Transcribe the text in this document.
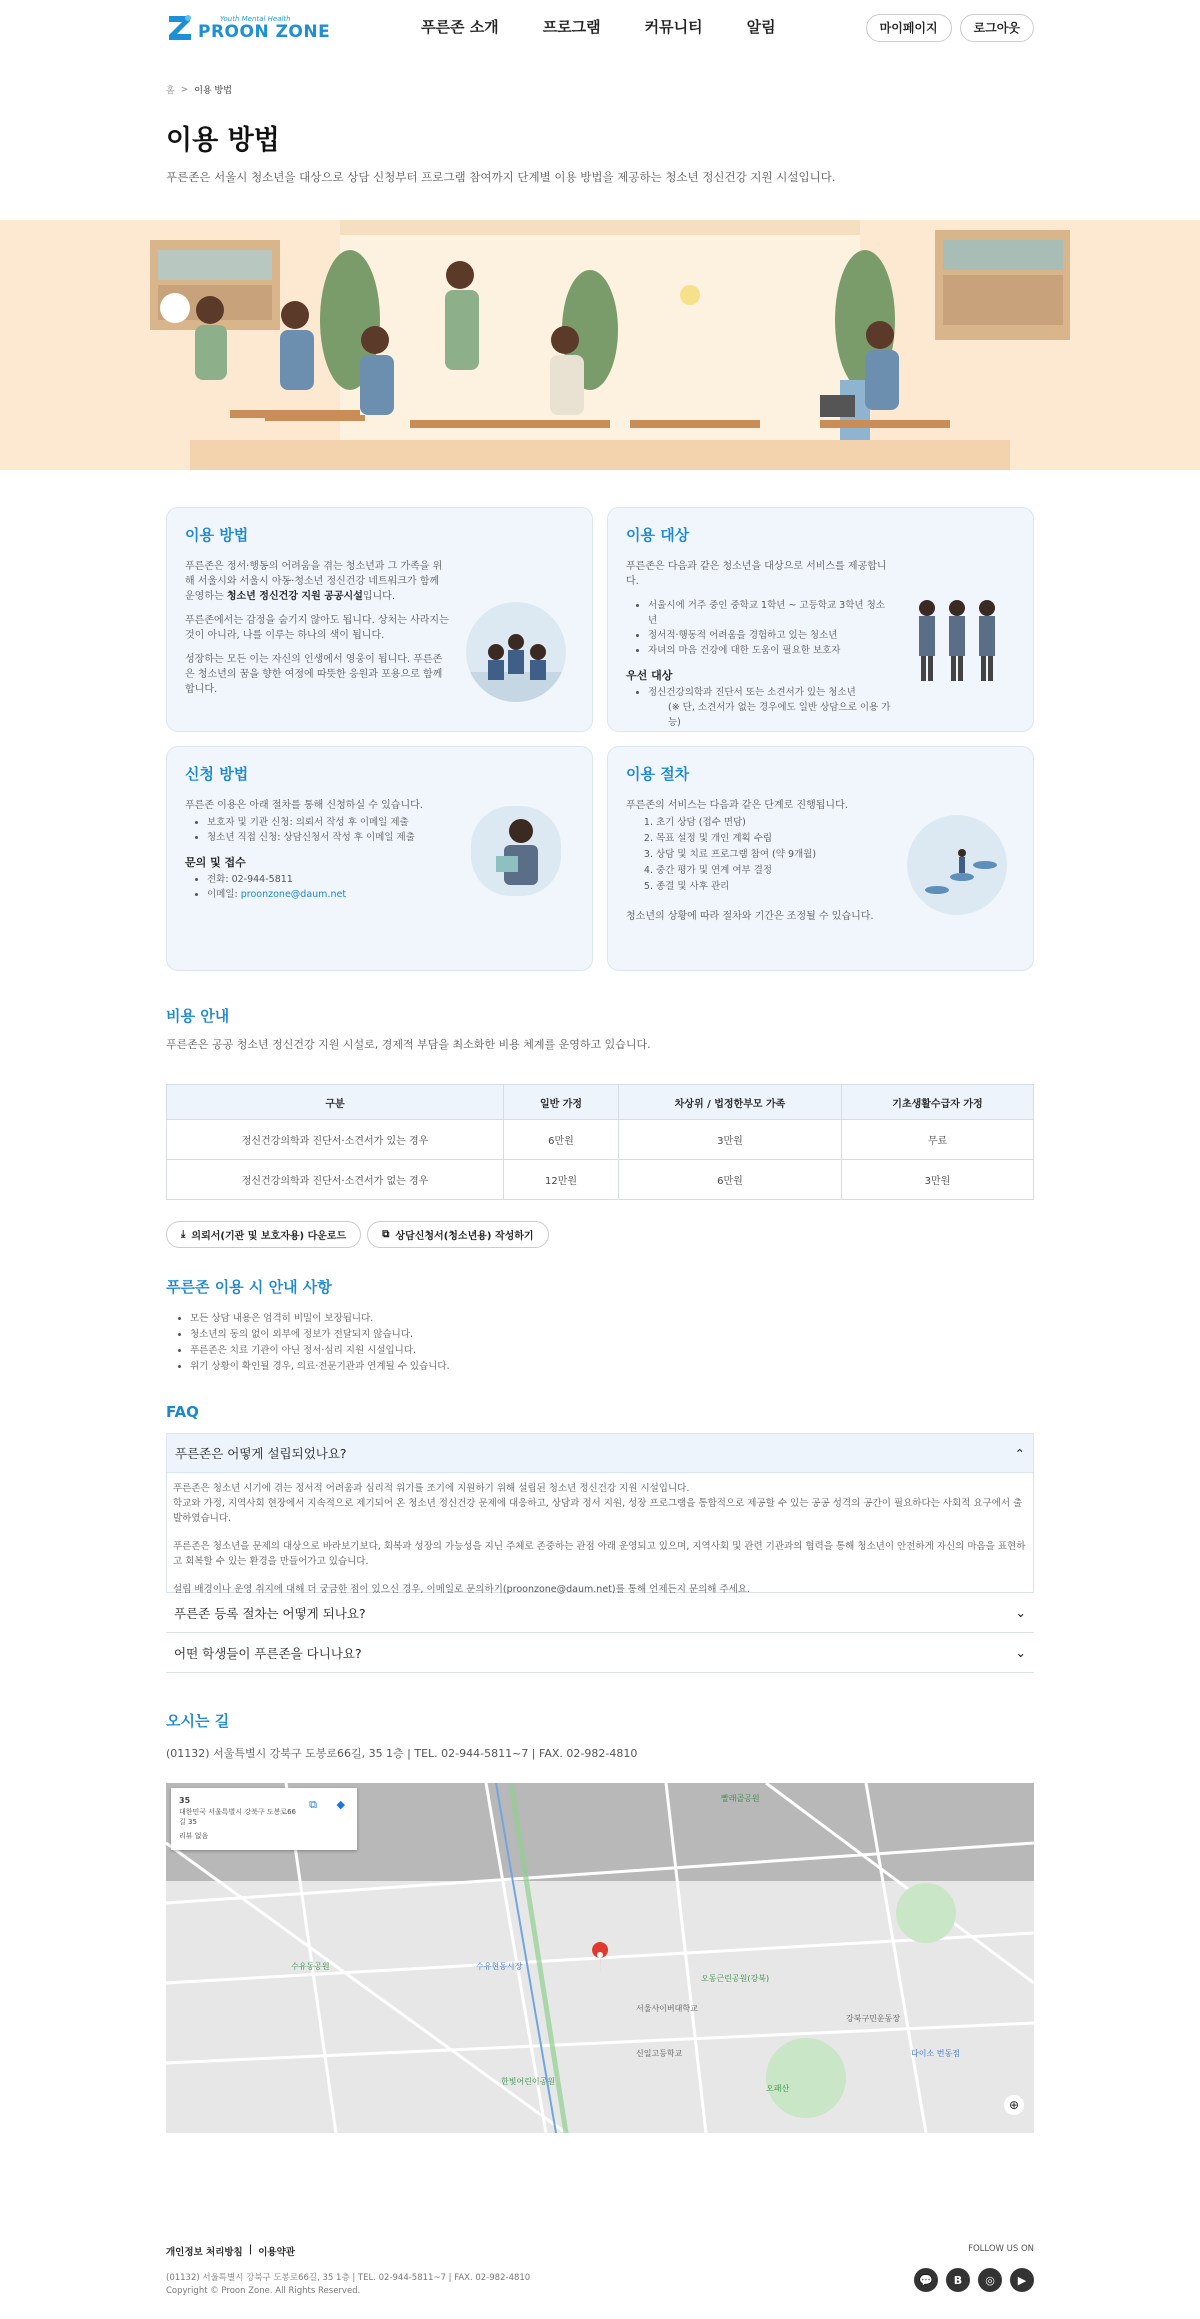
Youth Mental Health
PROON ZONE	푸른존 소개	프로그램	커뮤니티	알림	마이페이지	로그아웃
홈 > 이용 방법
이용 방법

푸른존은 서울시 청소년을 대상으로 상담 신청부터 프로그램 참여까지 단계별 이용 방법을 제공하는 청소년 정신건강 지원 시설입니다.

이용 방법

푸른존은 정서·행동의 어려움을 겪는 청소년과 그 가족을 위해 서울시와 서울시 아동·청소년 정신건강 네트워크가 함께 운영하는 청소년 정신건강 지원 공공시설입니다.

푸른존에서는 감정을 숨기지 않아도 됩니다. 상처는 사라지는 것이 아니라, 나를 이루는 하나의 색이 됩니다.

성장하는 모든 이는 자신의 인생에서 영웅이 됩니다. 푸른존은 청소년의 꿈을 향한 여정에 따뜻한 응원과 포용으로 함께합니다.

이용 대상

푸른존은 다음과 같은 청소년을 대상으로 서비스를 제공합니다.

• 서울시에 거주 중인 중학교 1학년 ~ 고등학교 3학년 청소년
• 정서적·행동적 어려움을 경험하고 있는 청소년
• 자녀의 마음 건강에 대한 도움이 필요한 보호자
우선 대상
• 정신건강의학과 진단서 또는 소견서가 있는 청소년
(※ 단, 소견서가 없는 경우에도 일반 상담으로 이용 가능)
신청 방법

푸른존 이용은 아래 절차를 통해 신청하실 수 있습니다.

• 보호자 및 기관 신청: 의뢰서 작성 후 이메일 제출
• 청소년 직접 신청: 상담신청서 작성 후 이메일 제출
문의 및 접수
• 전화: 02-944-5811
• 이메일: proonzone@daum.net
이용 절차

푸른존의 서비스는 다음과 같은 단계로 진행됩니다.

1. 초기 상담 (접수 면담)
2. 목표 설정 및 개인 계획 수립
3. 상담 및 치료 프로그램 참여 (약 9개월)
4. 중간 평가 및 연계 여부 결정
5. 종결 및 사후 관리

청소년의 상황에 따라 절차와 기간은 조정될 수 있습니다.

비용 안내
푸른존은 공공 청소년 정신건강 지원 시설로, 경제적 부담을 최소화한 비용 체계를 운영하고 있습니다.
구분	일반 가정	차상위 / 법정한부모 가족	기초생활수급자 가정
정신건강의학과 진단서·소견서가 있는 경우	6만원	3만원	무료
정신건강의학과 진단서·소견서가 없는 경우	12만원	6만원	3만원
⤓ 의뢰서(기관 및 보호자용) 다운로드	⧉ 상담신청서(청소년용) 작성하기
푸른존 이용 시 안내 사항
• 모든 상담 내용은 엄격히 비밀이 보장됩니다.
• 청소년의 동의 없이 외부에 정보가 전달되지 않습니다.
• 푸른존은 치료 기관이 아닌 정서·심리 지원 시설입니다.
• 위기 상황이 확인될 경우, 의료·전문기관과 연계될 수 있습니다.
FAQ
푸른존은 어떻게 설립되었나요?	⌃

푸른존은 청소년 시기에 겪는 정서적 어려움과 심리적 위기를 조기에 지원하기 위해 설립된 청소년 정신건강 지원 시설입니다.
학교와 가정, 지역사회 현장에서 지속적으로 제기되어 온 청소년 정신건강 문제에 대응하고, 상담과 정서 지원, 성장 프로그램을 통합적으로 제공할 수 있는 공공 성격의 공간이 필요하다는 사회적 요구에서 출발하였습니다.

푸른존은 청소년을 문제의 대상으로 바라보기보다, 회복과 성장의 가능성을 지닌 주체로 존중하는 관점 아래 운영되고 있으며, 지역사회 및 관련 기관과의 협력을 통해 청소년이 안전하게 자신의 마음을 표현하고 회복할 수 있는 환경을 만들어가고 있습니다.

설립 배경이나 운영 취지에 대해 더 궁금한 점이 있으신 경우, 이메일로 문의하기(proonzone@daum.net)를 통해 언제든지 문의해 주세요.

푸른존 등록 절차는 어떻게 되나요?	⌄
어떤 학생들이 푸른존을 다니나요?	⌄
오시는 길
(01132) 서울특별시 강북구 도봉로66길, 35 1층 | TEL. 02-944-5811~7 | FAX. 02-982-4810
35
대한민국 서울특별시 강북구 도봉로66길 35
리뷰 없음
⧉ ◆
수유동공원	수유현동시장
서울사이버대학교
오동근린공원(강북)
신일고등학교
강북구민운동장
다이소 번동점
한빛어린이공원
오패산
빨래골공원
⊕
개인정보 처리방침 | 이용약관
(01132) 서울특별시 강북구 도봉로66길, 35 1층 | TEL. 02-944-5811~7 | FAX. 02-982-4810
Copyright © Proon Zone. All Rights Reserved.
FOLLOW US ON
💬	B	◎	▶
